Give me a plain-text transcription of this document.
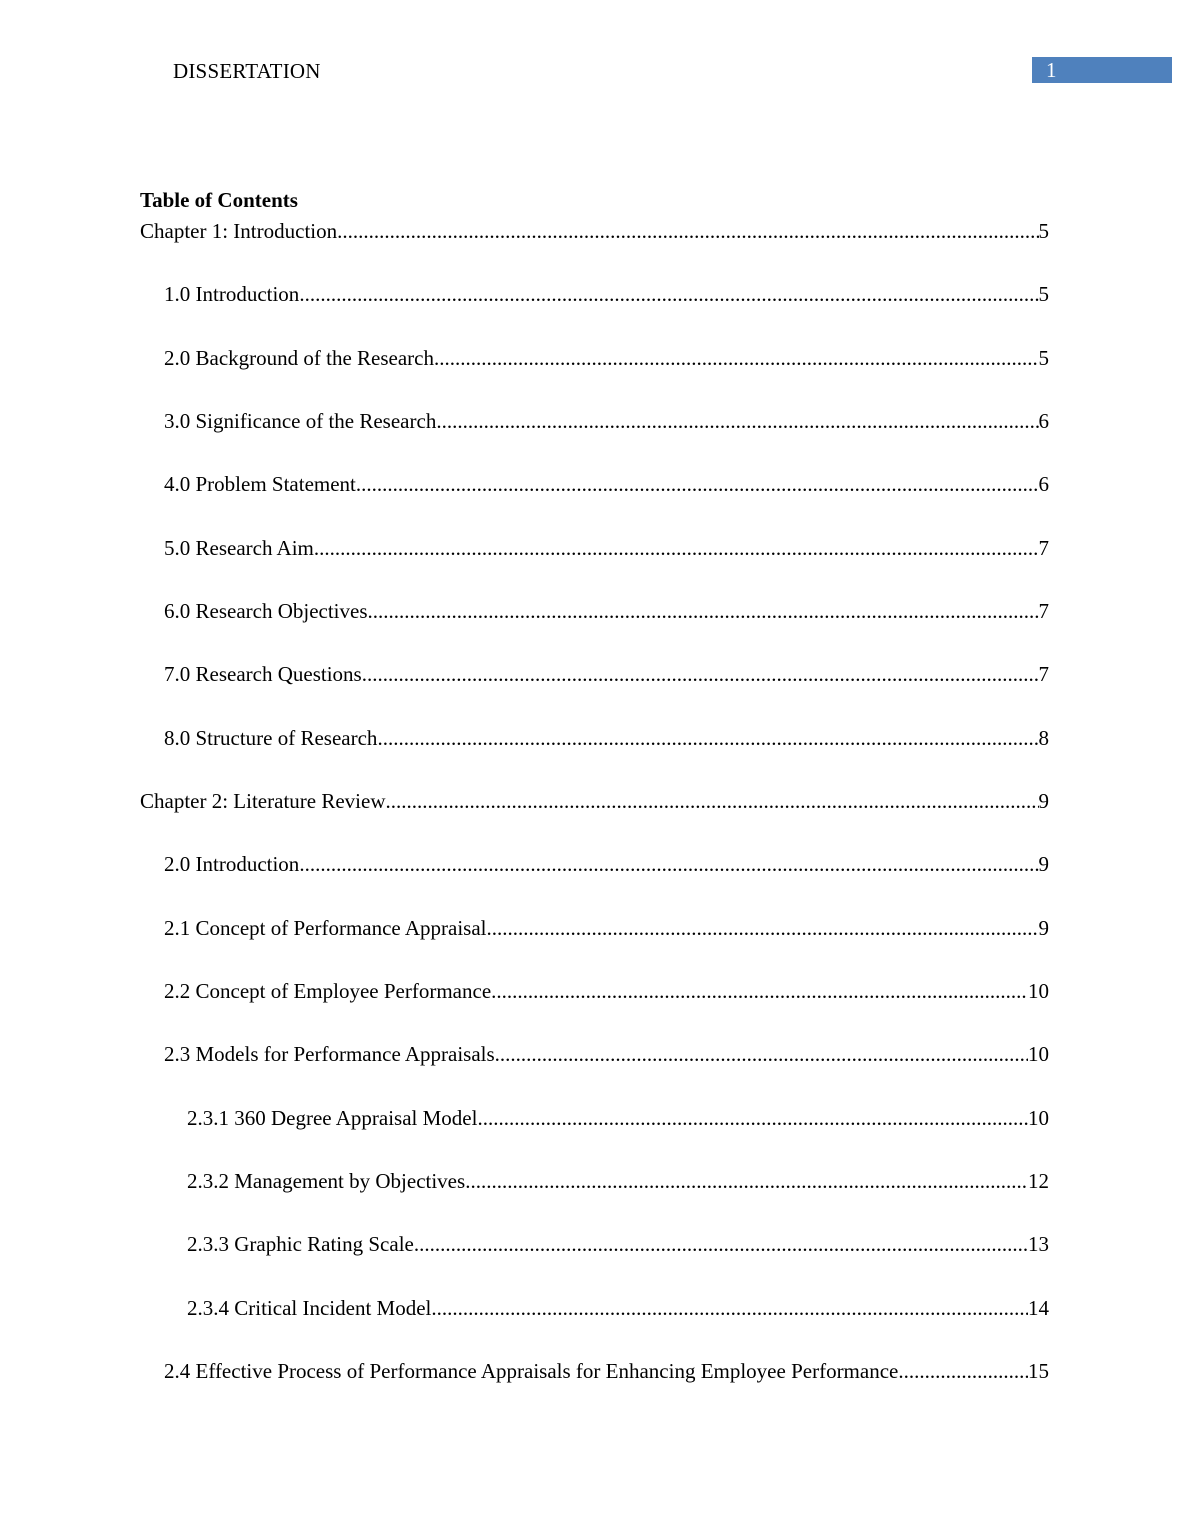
DISSERTATION	1
Table of Contents
Chapter 1: Introduction .....	5
1.0 Introduction .....	5
2.0 Background of the Research .....	5
3.0 Significance of the Research .....	6
4.0 Problem Statement .....	6
5.0 Research Aim .....	7
6.0 Research Objectives .....	7
7.0 Research Questions .....	7
8.0 Structure of Research .....	8
Chapter 2: Literature Review .....	9
2.0 Introduction .....	9
2.1 Concept of Performance Appraisal .....	9
2.2 Concept of Employee Performance .....	10
2.3 Models for Performance Appraisals .....	10
2.3.1 360 Degree Appraisal Model .....	10
2.3.2 Management by Objectives .....	12
2.3.3 Graphic Rating Scale .....	13
2.3.4 Critical Incident Model .....	14
2.4 Effective Process of Performance Appraisals for Enhancing Employee Performance .....	15
